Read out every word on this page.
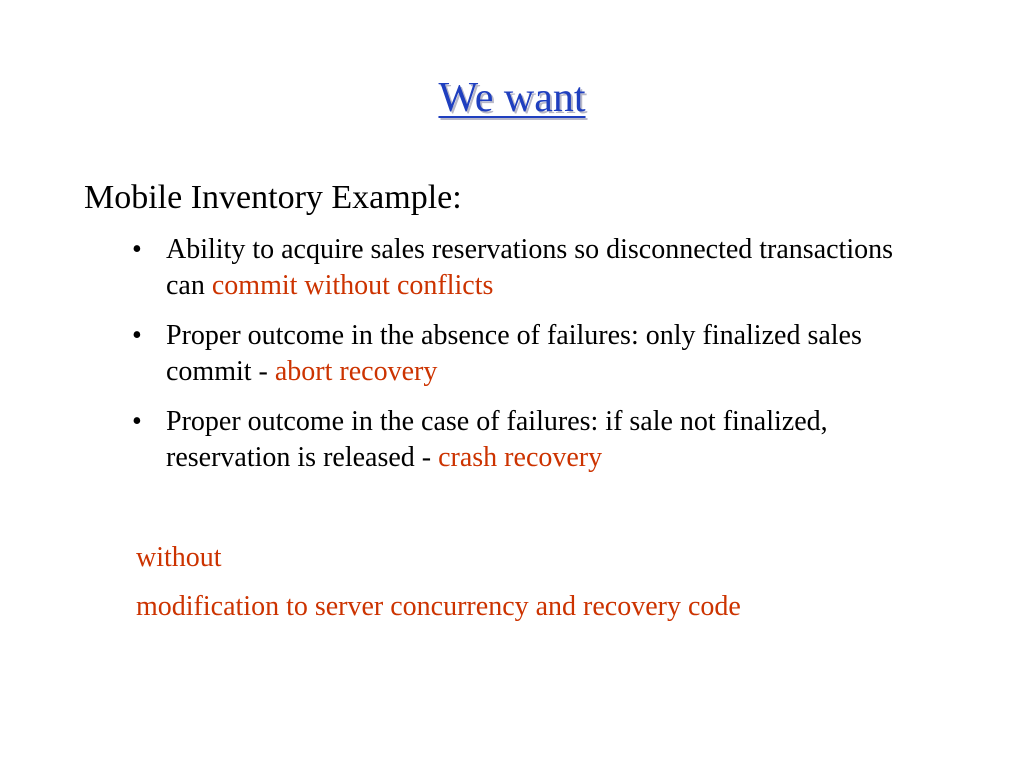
We want
Mobile Inventory Example:
• Ability to acquire sales reservations so disconnected transactions can commit without conflicts
• Proper outcome in the absence of failures: only finalized sales commit - abort recovery
• Proper outcome in the case of failures: if sale not finalized, reservation is released - crash recovery
without
modification to server concurrency and recovery code
